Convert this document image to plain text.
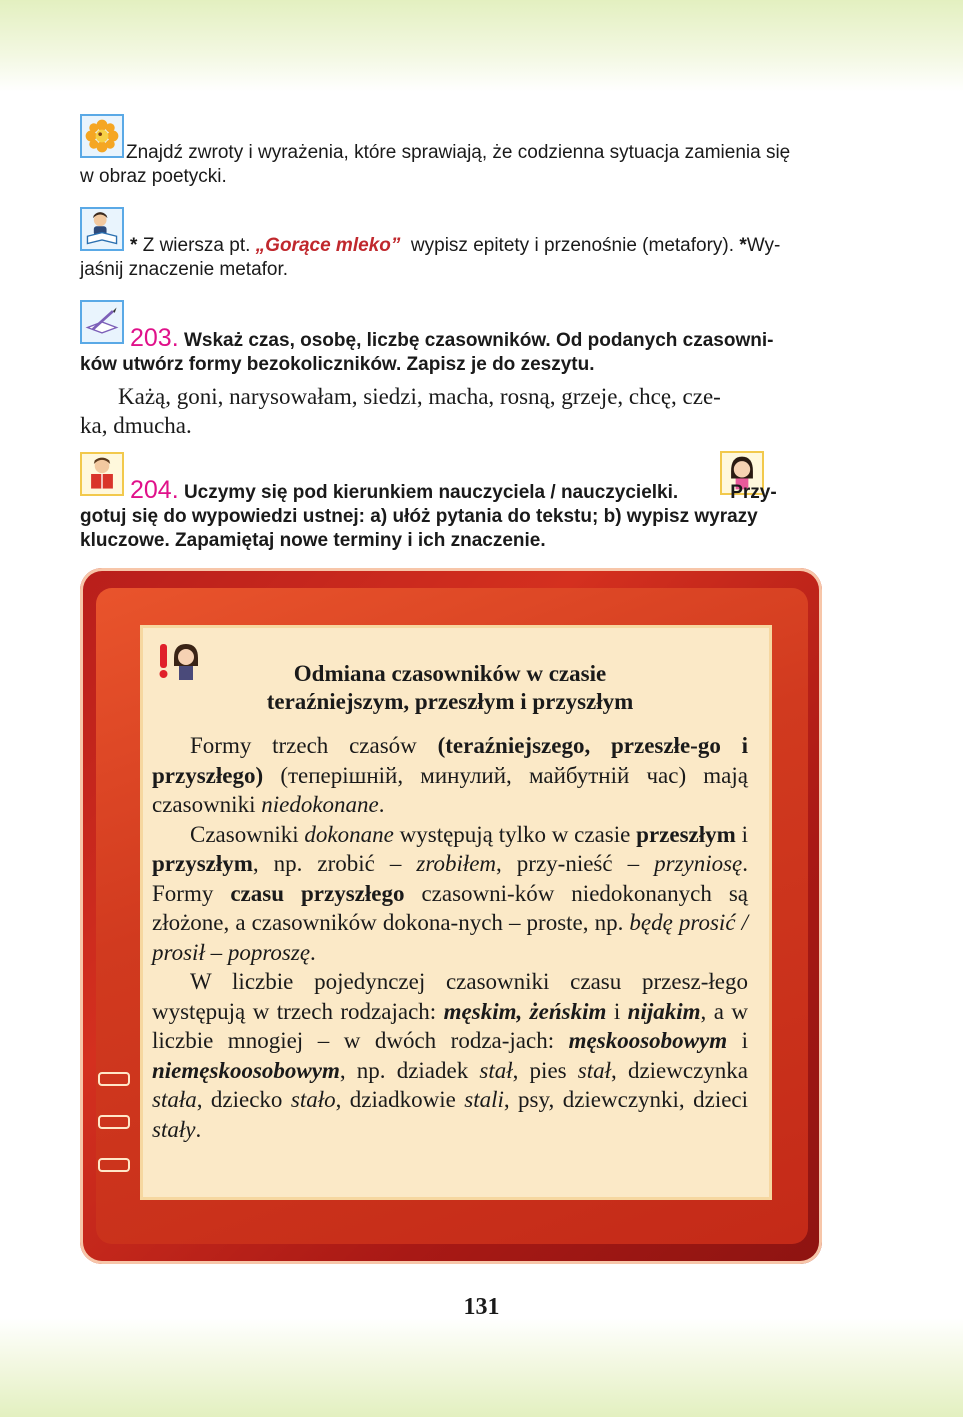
Znajdź zwroty i wyrażenia, które sprawiają, że codzienna sytuacja zamienia się
w obraz poetycki.

* Z wiersza pt. „Gorące mleko” wypisz epitety i przenośnie (metafory). *Wy-
jaśnij znaczenie metafor.

203. Wskaż czas, osobę, liczbę czasowników. Od podanych czasowni-
ków utwórz formy bezokoliczników. Zapisz je do zeszytu.

Każą, goni, narysowałam, siedzi, macha, rosną, grzeje, chcę, cze-
ka, dmucha.

204. Uczymy się pod kierunkiem nauczyciela / nauczycielki.	Przy-
gotuj się do wypowiedzi ustnej: a) ułóż pytania do tekstu; b) wypisz wyrazy
kluczowe. Zapamiętaj nowe terminy i ich znaczenie.

Odmiana czasowników w czasie
teraźniejszym, przeszłym i przyszłym

Formy trzech czasów (teraźniejszego, przeszłe-go i przyszłego) (теперішній, минулий, майбутній час) mają czasowniki niedokonane.

Czasowniki dokonane występują tylko w czasie przeszłym i przyszłym, np. zrobić – zrobiłem, przy-nieść – przyniosę. Formy czasu przyszłego czasowni-ków niedokonanych są złożone, a czasowników dokona-nych – proste, np. będę prosić / prosił – poproszę.

W liczbie pojedynczej czasowniki czasu przesz-łego występują w trzech rodzajach: męskim, żeńskim i nijakim, a w liczbie mnogiej – w dwóch rodza-jach: męskoosobowym i niemęskoosobowym, np. dziadek stał, pies stał, dziewczynka stała, dziecko stało, dziadkowie stali, psy, dziewczynki, dzieci stały.

131
